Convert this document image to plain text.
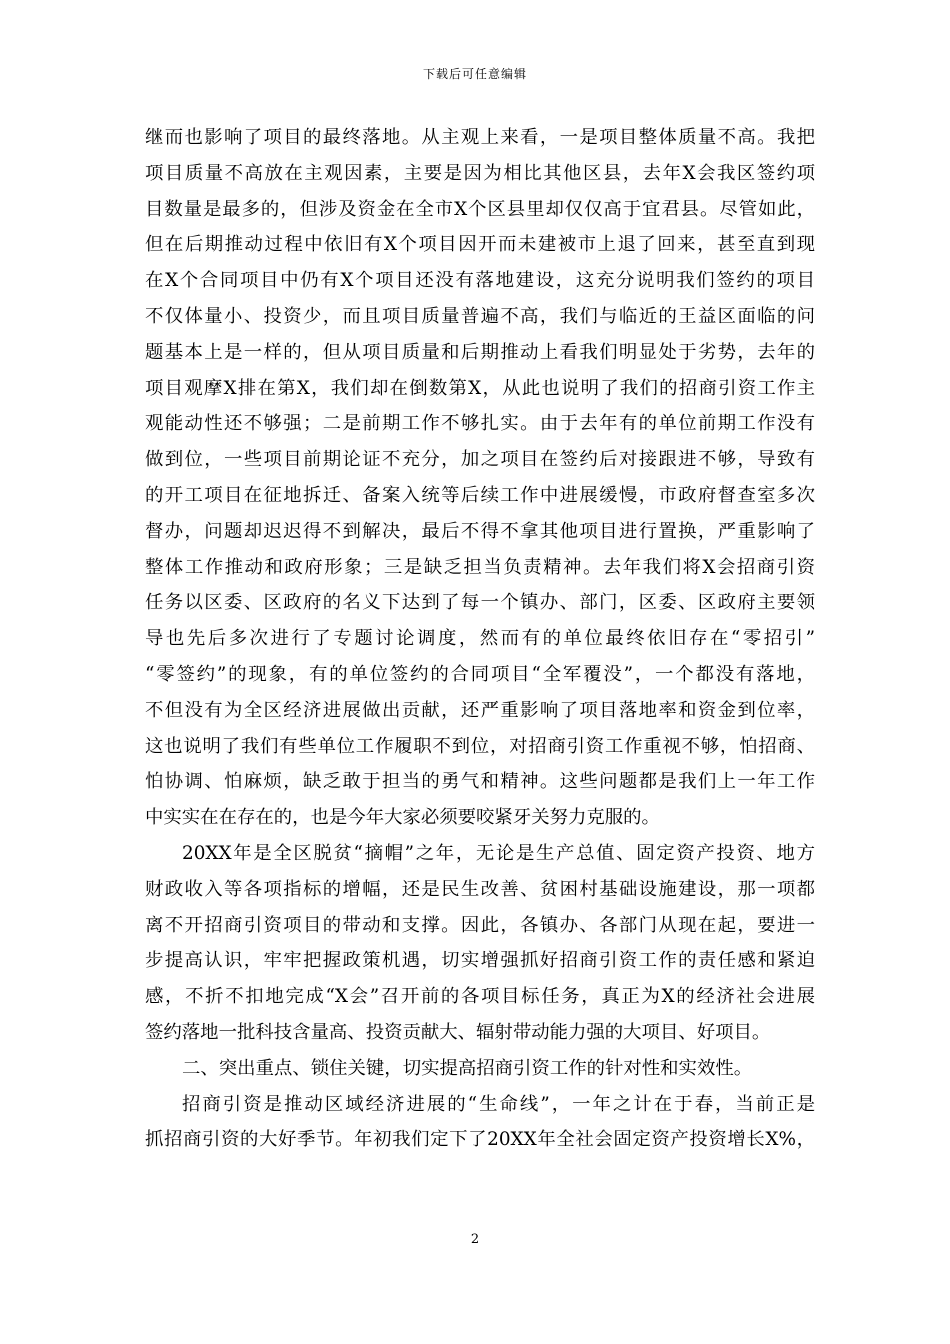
下载后可任意编辑
继而也影响了项目的最终落地。从主观上来看，一是项目整体质量不高。我把
项目质量不高放在主观因素，主要是因为相比其他区县，去年X会我区签约项
目数量是最多的，但涉及资金在全市X个区县里却仅仅高于宜君县。尽管如此，
但在后期推动过程中依旧有X个项目因开而未建被市上退了回来，甚至直到现
在X个合同项目中仍有X个项目还没有落地建设，这充分说明我们签约的项目
不仅体量小、投资少，而且项目质量普遍不高，我们与临近的王益区面临的问
题基本上是一样的，但从项目质量和后期推动上看我们明显处于劣势，去年的
项目观摩X排在第X，我们却在倒数第X，从此也说明了我们的招商引资工作主
观能动性还不够强；二是前期工作不够扎实。由于去年有的单位前期工作没有
做到位，一些项目前期论证不充分，加之项目在签约后对接跟进不够，导致有
的开工项目在征地拆迁、备案入统等后续工作中进展缓慢，市政府督查室多次
督办，问题却迟迟得不到解决，最后不得不拿其他项目进行置换，严重影响了
整体工作推动和政府形象；三是缺乏担当负责精神。去年我们将X会招商引资
任务以区委、区政府的名义下达到了每一个镇办、部门，区委、区政府主要领
导也先后多次进行了专题讨论调度，然而有的单位最终依旧存在“零招引”
“零签约”的现象，有的单位签约的合同项目“全军覆没”，一个都没有落地，
不但没有为全区经济进展做出贡献，还严重影响了项目落地率和资金到位率，
这也说明了我们有些单位工作履职不到位，对招商引资工作重视不够，怕招商、
怕协调、怕麻烦，缺乏敢于担当的勇气和精神。这些问题都是我们上一年工作
中实实在在存在的，也是今年大家必须要咬紧牙关努力克服的。
20XX年是全区脱贫“摘帽”之年，无论是生产总值、固定资产投资、地方
财政收入等各项指标的增幅，还是民生改善、贫困村基础设施建设，那一项都
离不开招商引资项目的带动和支撑。因此，各镇办、各部门从现在起，要进一
步提高认识，牢牢把握政策机遇，切实增强抓好招商引资工作的责任感和紧迫
感，不折不扣地完成“X会”召开前的各项目标任务，真正为X的经济社会进展
签约落地一批科技含量高、投资贡献大、辐射带动能力强的大项目、好项目。
二、突出重点、锁住关键，切实提高招商引资工作的针对性和实效性。
招商引资是推动区域经济进展的“生命线”，一年之计在于春，当前正是
抓招商引资的大好季节。年初我们定下了20XX年全社会固定资产投资增长X%，
2
